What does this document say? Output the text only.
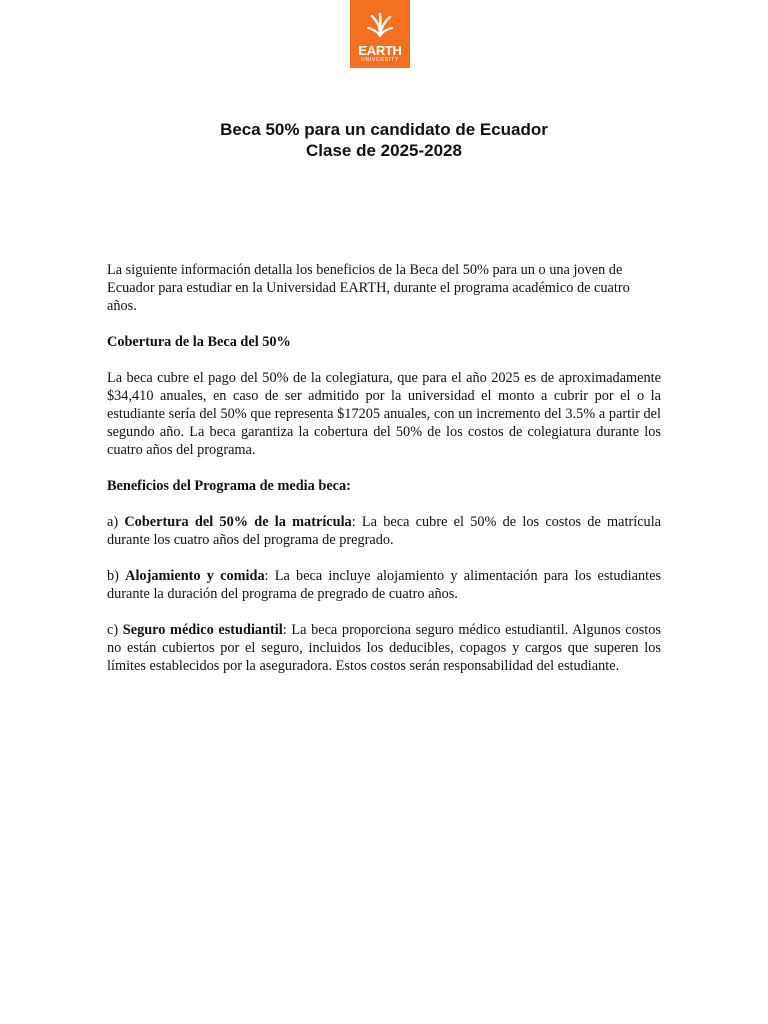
EARTH
UNIVERSITY
Beca 50% para un candidato de Ecuador
Clase de 2025-2028

La siguiente información detalla los beneficios de la Beca del 50% para un o una joven de Ecuador para estudiar en la Universidad EARTH, durante el programa académico de cuatro años.

Cobertura de la Beca del 50%

La beca cubre el pago del 50% de la colegiatura, que para el año 2025 es de aproximadamente $34,410 anuales, en caso de ser admitido por la universidad el monto a cubrir por el o la estudiante sería del 50% que representa $17205 anuales, con un incremento del 3.5% a partir del segundo año. La beca garantiza la cobertura del 50% de los costos de colegiatura durante los cuatro años del programa.

Beneficios del Programa de media beca:

a) Cobertura del 50% de la matrícula: La beca cubre el 50% de los costos de matrícula durante los cuatro años del programa de pregrado.

b) Alojamiento y comida: La beca incluye alojamiento y alimentación para los estudiantes durante la duración del programa de pregrado de cuatro años.

c) Seguro médico estudiantil: La beca proporciona seguro médico estudiantil. Algunos costos no están cubiertos por el seguro, incluidos los deducibles, copagos y cargos que superen los límites establecidos por la aseguradora. Estos costos serán responsabilidad del estudiante.
